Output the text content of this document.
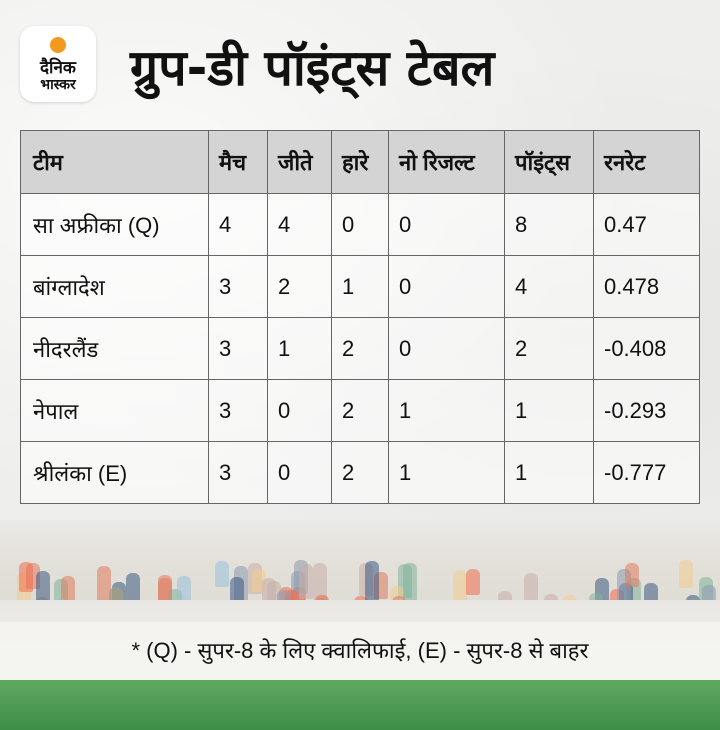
दैनिक
भास्कर	ग्रुप-डी पॉइंट्स टेबल
टीम	मैच	जीते	हारे	नो रिजल्ट	पॉइंट्स	रनरेट
सा अफ्रीका (Q)	4	4	0	0	8	0.47
बांग्लादेश	3	2	1	0	4	0.478
नीदरलैंड	3	1	2	0	2	-0.408
नेपाल	3	0	2	1	1	-0.293
श्रीलंका (E)	3	0	2	1	1	-0.777
* (Q) - सुपर-8 के लिए क्वालिफाई, (E) - सुपर-8 से बाहर
